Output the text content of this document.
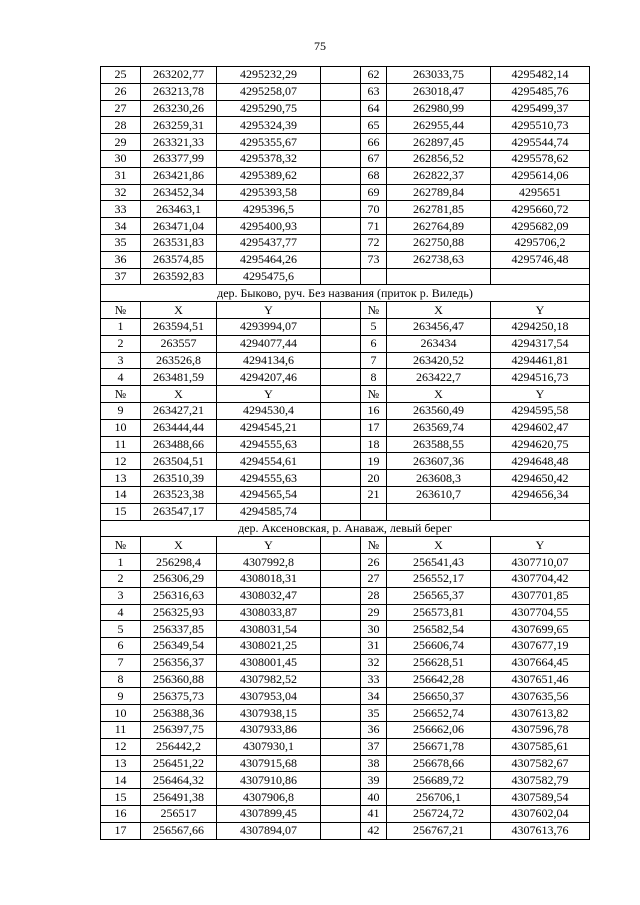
75
25	263202,77	4295232,29		62	263033,75	4295482,14
26	263213,78	4295258,07		63	263018,47	4295485,76
27	263230,26	4295290,75		64	262980,99	4295499,37
28	263259,31	4295324,39		65	262955,44	4295510,73
29	263321,33	4295355,67		66	262897,45	4295544,74
30	263377,99	4295378,32		67	262856,52	4295578,62
31	263421,86	4295389,62		68	262822,37	4295614,06
32	263452,34	4295393,58		69	262789,84	4295651
33	263463,1	4295396,5		70	262781,85	4295660,72
34	263471,04	4295400,93		71	262764,89	4295682,09
35	263531,83	4295437,77		72	262750,88	4295706,2
36	263574,85	4295464,26		73	262738,63	4295746,48
37	263592,83	4295475,6				
дер. Быково, руч. Без названия (приток р. Виледь)						
№	X	Y		№	X	Y
1	263594,51	4293994,07		5	263456,47	4294250,18
2	263557	4294077,44		6	263434	4294317,54
3	263526,8	4294134,6		7	263420,52	4294461,81
4	263481,59	4294207,46		8	263422,7	4294516,73
№	X	Y		№	X	Y
9	263427,21	4294530,4		16	263560,49	4294595,58
10	263444,44	4294545,21		17	263569,74	4294602,47
11	263488,66	4294555,63		18	263588,55	4294620,75
12	263504,51	4294554,61		19	263607,36	4294648,48
13	263510,39	4294555,63		20	263608,3	4294650,42
14	263523,38	4294565,54		21	263610,7	4294656,34
15	263547,17	4294585,74				
дер. Аксеновская, р. Анаваж, левый берег						
№	X	Y		№	X	Y
1	256298,4	4307992,8		26	256541,43	4307710,07
2	256306,29	4308018,31		27	256552,17	4307704,42
3	256316,63	4308032,47		28	256565,37	4307701,85
4	256325,93	4308033,87		29	256573,81	4307704,55
5	256337,85	4308031,54		30	256582,54	4307699,65
6	256349,54	4308021,25		31	256606,74	4307677,19
7	256356,37	4308001,45		32	256628,51	4307664,45
8	256360,88	4307982,52		33	256642,28	4307651,46
9	256375,73	4307953,04		34	256650,37	4307635,56
10	256388,36	4307938,15		35	256652,74	4307613,82
11	256397,75	4307933,86		36	256662,06	4307596,78
12	256442,2	4307930,1		37	256671,78	4307585,61
13	256451,22	4307915,68		38	256678,66	4307582,67
14	256464,32	4307910,86		39	256689,72	4307582,79
15	256491,38	4307906,8		40	256706,1	4307589,54
16	256517	4307899,45		41	256724,72	4307602,04
17	256567,66	4307894,07		42	256767,21	4307613,76
